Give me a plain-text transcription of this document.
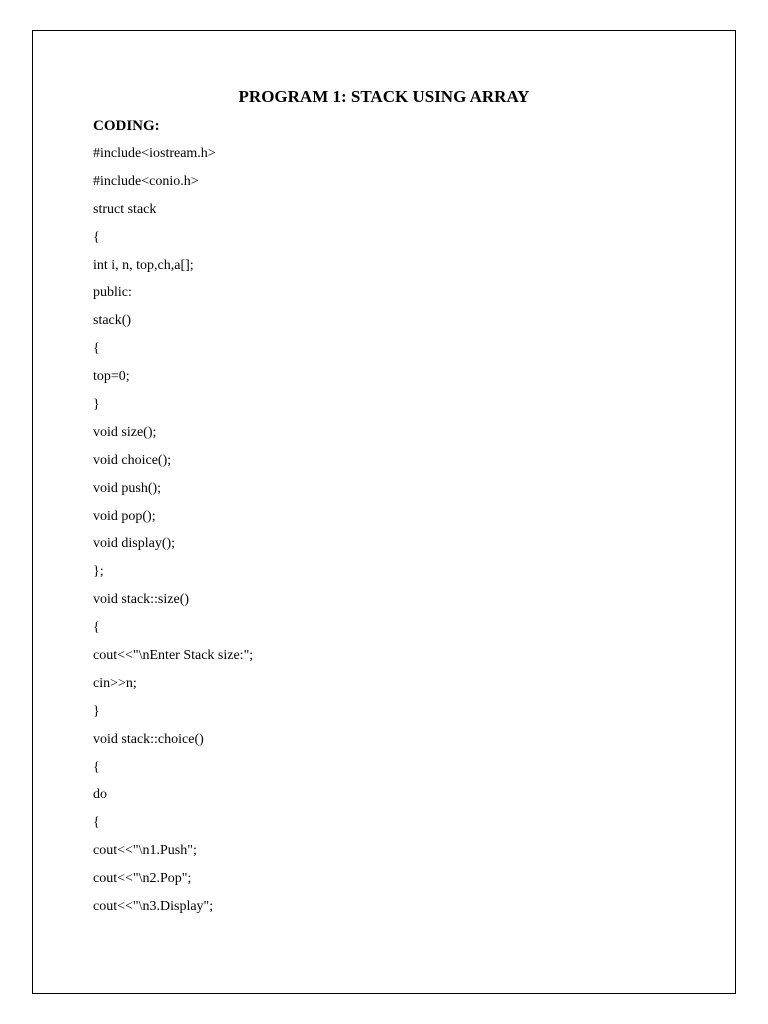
PROGRAM 1: STACK USING ARRAY
CODING:
#include<iostream.h>
#include<conio.h>
struct stack
{
int i, n, top,ch,a[];
public:
stack()
{
top=0;
}
void size();
void choice();
void push();
void pop();
void display();
};
void stack::size()
{
cout<<"\nEnter Stack size:";
cin>>n;
}
void stack::choice()
{
do
{
cout<<"\n1.Push";
cout<<"\n2.Pop";
cout<<"\n3.Display";
